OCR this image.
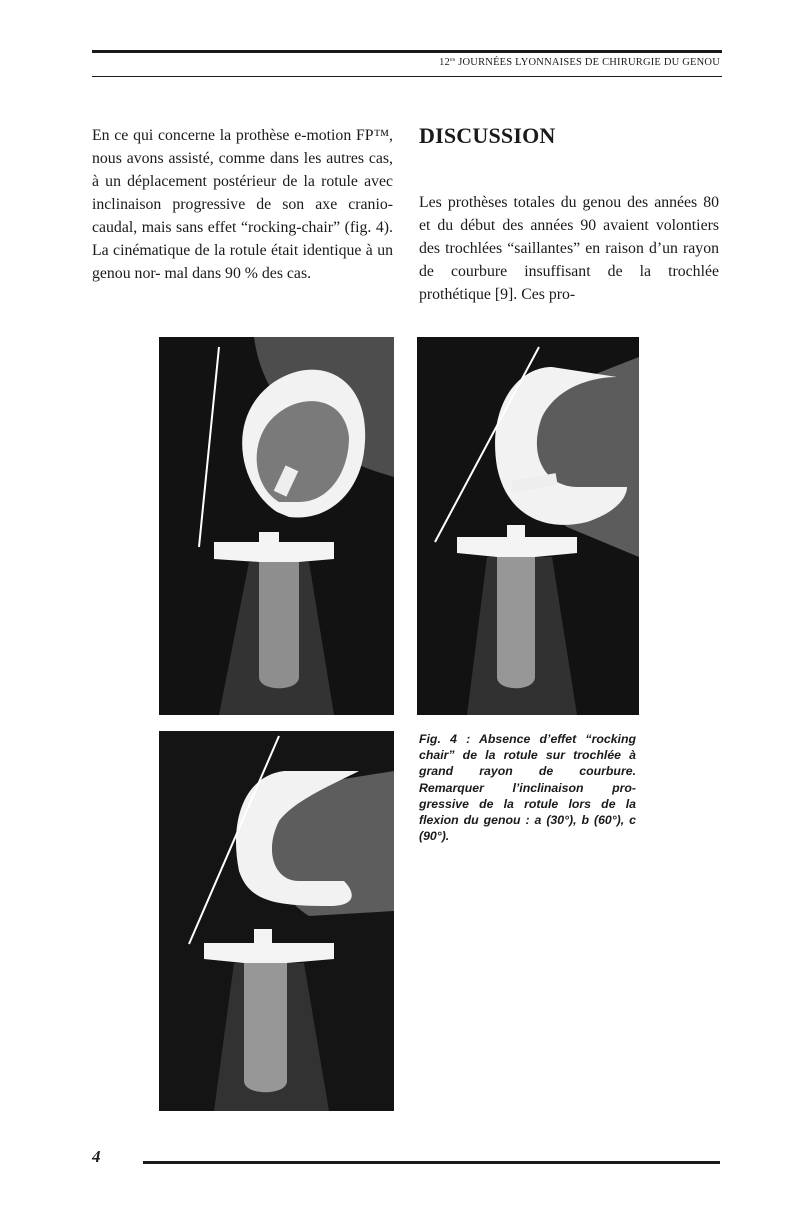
$12^{es}$ JOURNÉES LYONNAISES DE CHIRURGIE DU GENOU

En ce qui concerne la prothèse e-motion FP™, nous avons assisté, comme dans les autres cas, à un déplacement postérieur de la rotule avec inclinaison progressive de son axe cranio-caudal, mais sans effet “rocking-chair” (fig. 4). La cinématique de la rotule était identique à un genou nor- mal dans 90 % des cas.

DISCUSSION

Les prothèses totales du genou des années 80 et du début des années 90 avaient volontiers des trochlées “saillantes” en raison d’un rayon de courbure insuffisant de la trochlée prothétique [9]. Ces pro-

Fig. 4 : Absence d’effet “rocking chair” de la rotule sur trochlée à grand rayon de courbure. Remarquer l’inclinaison pro- gressive de la rotule lors de la flexion du genou : a (30°), b (60°), c (90°).
4
